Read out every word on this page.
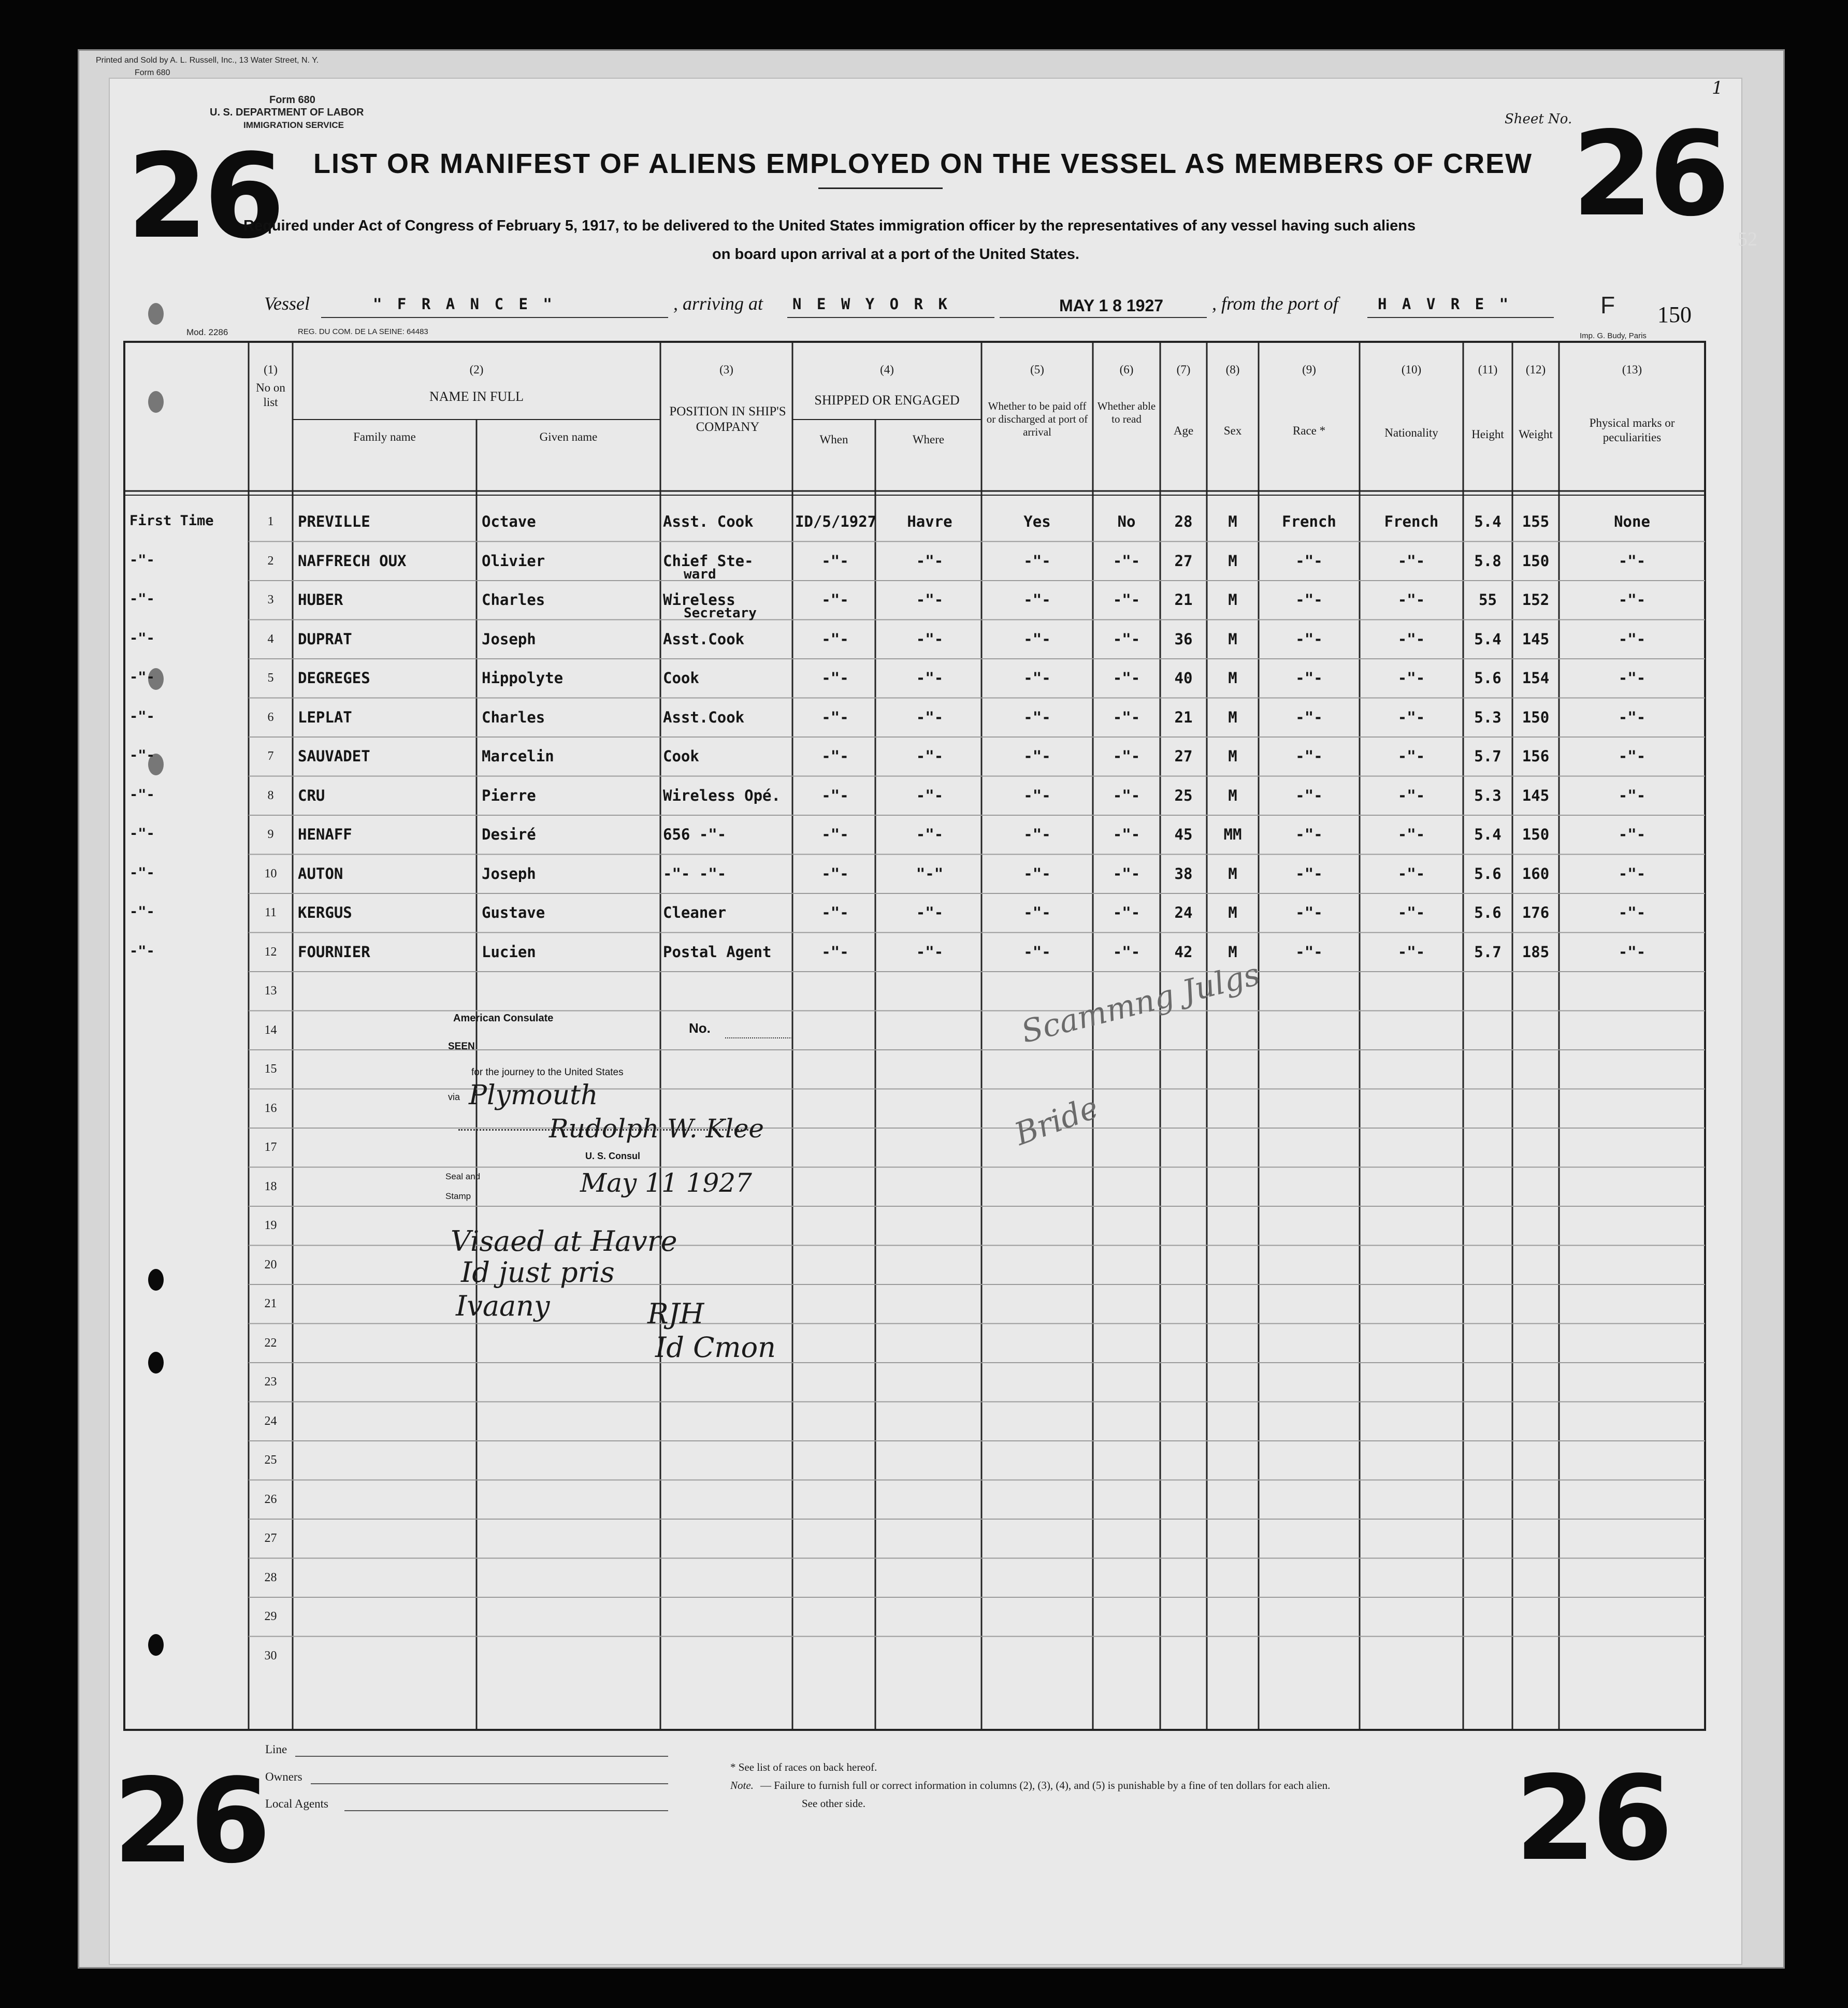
Printed and Sold by A. L. Russell, Inc., 13 Water Street, N. Y.
Form 680
Form 680
U. S. DEPARTMENT OF LABOR
IMMIGRATION SERVICE	Sheet No.
1
26
26 LIST OR MANIFEST OF ALIENS EMPLOYED ON THE VESSEL AS MEMBERS OF CREW
Required under Act of Congress of February 5, 1917, to be delivered to the United States immigration officer by the representatives of any vessel having such aliens
on board upon arrival at a port of the United States.
52
Vessel	" F R A N C E "	, arriving at N E W Y O R K	MAY 1 8 1927	, from the port of	H A V R E "	F 150
Mod. 2286	REG. DU COM. DE LA SEINE: 64483	Imp. G. Budy, Paris
(1)
No on list
(2)
NAME IN FULL
Family name	Given name
(3)
POSITION IN SHIP'S COMPANY
(4)
SHIPPED OR ENGAGED
When	Where
(5)
Whether to be paid off or discharged at port of arrival
(6)
Whether able to read
(7)
Age
(8)
Sex
(9)
Race *
(10)
Nationality
(11)
Height
(12)
Weight
(13)
Physical marks or peculiarities
First Time	1	PREVILLE	Octave	Asst. Cook	ID/5/1927	Havre	Yes	No	28	M	French	French	5.4	155	None
-"-	2	NAFFRECH OUX	Olivier	Chief Ste-	-"-	-"-	-"-	-"-	27	M	-"-	-"-	5.8	150	-"-
ward
-"-	3	HUBER	Charles	Wireless	-"-	-"-	-"-	-"-	21	M	-"-	-"-	55	152	-"-
Secretary
-"-	4	DUPRAT	Joseph	Asst.Cook	-"-	-"-	-"-	-"-	36	M	-"-	-"-	5.4	145	-"-
-"-	5	DEGREGES	Hippolyte	Cook	-"-	-"-	-"-	-"-	40	M	-"-	-"-	5.6	154	-"-
-"-	6	LEPLAT	Charles	Asst.Cook	-"-	-"-	-"-	-"-	21	M	-"-	-"-	5.3	150	-"-
-"-	7	SAUVADET	Marcelin	Cook	-"-	-"-	-"-	-"-	27	M	-"-	-"-	5.7	156	-"-
-"-	8	CRU	Pierre	Wireless Opé.	-"-	-"-	-"-	-"-	25	M	-"-	-"-	5.3	145	-"-
-"-	9	HENAFF	Desiré	656 -"-	-"-	-"-	-"-	-"-	45	MM	-"-	-"-	5.4	150	-"-
-"-	10	AUTON	Joseph	-"- -"-	-"-	"-"	-"-	-"-	38	M	-"-	-"-	5.6	160	-"-
-"-	11	KERGUS	Gustave	Cleaner	-"-	-"-	-"-	-"-	24	M	-"-	-"-	5.6	176	-"-
-"-	12	FOURNIER	Lucien	Postal Agent	-"-	-"-	-"-	-"-	42	M	-"-	-"-	5.7	185	-"-
13
14
15
16
17
18
19
20
21
22
23
24
25
26
27
28
29
30
American Consulate
No.
SEEN
for the journey to the United States
via Plymouth
Rudolph W. Klee
U. S. Consul
Seal and
Stamp	May 11 1927
Visaed at Havre
Id just pris
Ivaany	RJH
Id Cmon
Scammng Julgs
Bride
Line
Owners
Local Agents
26	26
* See list of races on back hereof.
Note. — Failure to furnish full or correct information in columns (2), (3), (4), and (5) is punishable by a fine of ten dollars for each alien.
See other side.
